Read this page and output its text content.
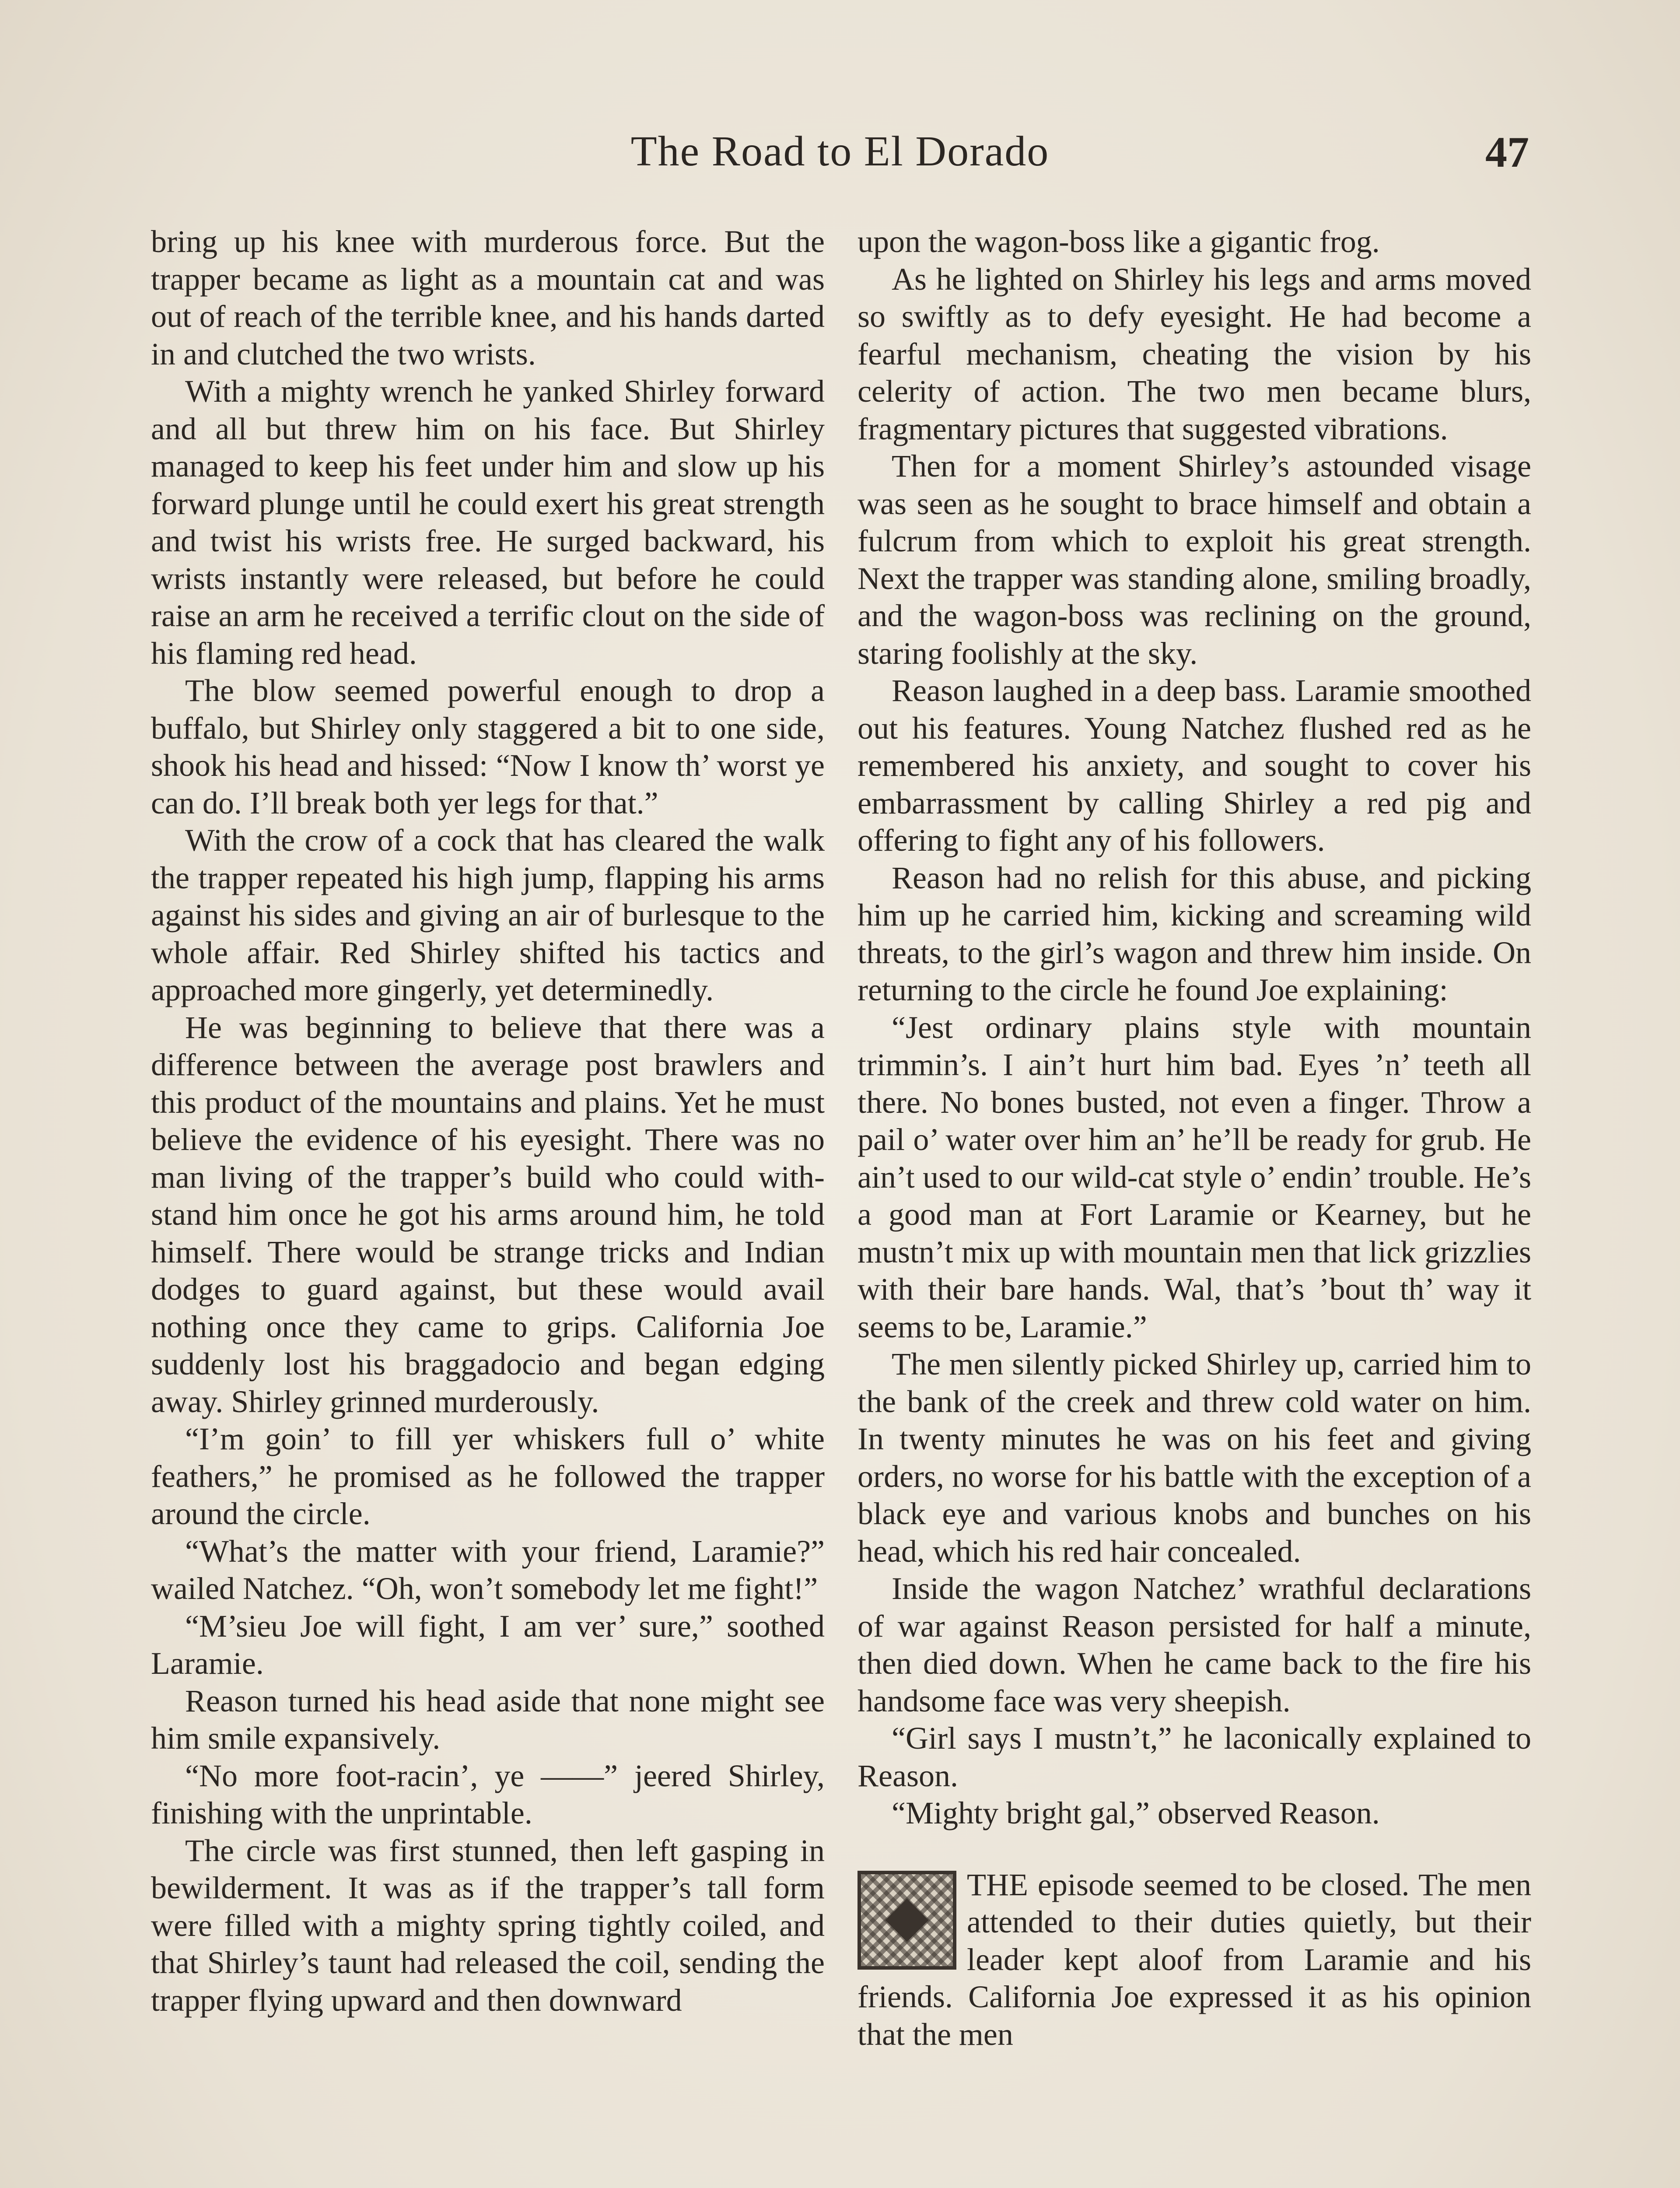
The Road to El Dorado	47

bring up his knee with murderous force. But the trapper became as light as a mountain cat and was out of reach of the terrible knee, and his hands darted in and clutched the two wrists.

With a mighty wrench he yanked Shirley forward and all but threw him on his face. But Shirley managed to keep his feet under him and slow up his forward plunge until he could exert his great strength and twist his wrists free. He surged backward, his wrists instantly were released, but before he could raise an arm he received a terrific clout on the side of his flaming red head.

The blow seemed powerful enough to drop a buffalo, but Shirley only staggered a bit to one side, shook his head and hissed: “Now I know th’ worst ye can do. I’ll break both yer legs for that.”

With the crow of a cock that has cleared the walk the trapper repeated his high jump, flapping his arms against his sides and giving an air of burlesque to the whole affair. Red Shirley shifted his tactics and approached more gingerly, yet determinedly.

He was beginning to believe that there was a difference between the average post brawlers and this product of the mountains and plains. Yet he must believe the evidence of his eyesight. There was no man living of the trapper’s build who could withstand him once he got his arms around him, he told himself. There would be strange tricks and Indian dodges to guard against, but these would avail nothing once they came to grips. California Joe suddenly lost his braggadocio and began edging away. Shirley grinned murderously.

“I’m goin’ to fill yer whiskers full o’ white feathers,” he promised as he followed the trapper around the circle.

“What’s the matter with your friend, Laramie?” wailed Natchez. “Oh, won’t somebody let me fight!”

“M’sieu Joe will fight, I am ver’ sure,” soothed Laramie.

Reason turned his head aside that none might see him smile expansively.

“No more foot-racin’, ye ——” jeered Shirley, finishing with the unprintable.

The circle was first stunned, then left gasping in bewilderment. It was as if the trapper’s tall form were filled with a mighty spring tightly coiled, and that Shirley’s taunt had released the coil, sending the trapper flying upward and then downward

upon the wagon-boss like a gigantic frog.

As he lighted on Shirley his legs and arms moved so swiftly as to defy eyesight. He had become a fearful mechanism, cheating the vision by his celerity of action. The two men became blurs, fragmentary pictures that suggested vibrations.

Then for a moment Shirley’s astounded visage was seen as he sought to brace himself and obtain a fulcrum from which to exploit his great strength. Next the trapper was standing alone, smiling broadly, and the wagon-boss was reclining on the ground, staring foolishly at the sky.

Reason laughed in a deep bass. Laramie smoothed out his features. Young Natchez flushed red as he remembered his anxiety, and sought to cover his embarrassment by calling Shirley a red pig and offering to fight any of his followers.

Reason had no relish for this abuse, and picking him up he carried him, kicking and screaming wild threats, to the girl’s wagon and threw him inside. On returning to the circle he found Joe explaining:

“Jest ordinary plains style with mountain trimmin’s. I ain’t hurt him bad. Eyes ’n’ teeth all there. No bones busted, not even a finger. Throw a pail o’ water over him an’ he’ll be ready for grub. He ain’t used to our wild-cat style o’ endin’ trouble. He’s a good man at Fort Laramie or Kearney, but he mustn’t mix up with mountain men that lick grizzlies with their bare hands. Wal, that’s ’bout th’ way it seems to be, Laramie.”

The men silently picked Shirley up, carried him to the bank of the creek and threw cold water on him. In twenty minutes he was on his feet and giving orders, no worse for his battle with the exception of a black eye and various knobs and bunches on his head, which his red hair concealed.

Inside the wagon Natchez’ wrathful declarations of war against Reason persisted for half a minute, then died down. When he came back to the fire his handsome face was very sheepish.

“Girl says I mustn’t,” he laconically explained to Reason.

“Mighty bright gal,” observed Reason.

THE episode seemed to be closed. The men attended to their duties quietly, but their leader kept aloof from Laramie and his friends. California Joe expressed it as his opinion that the men
